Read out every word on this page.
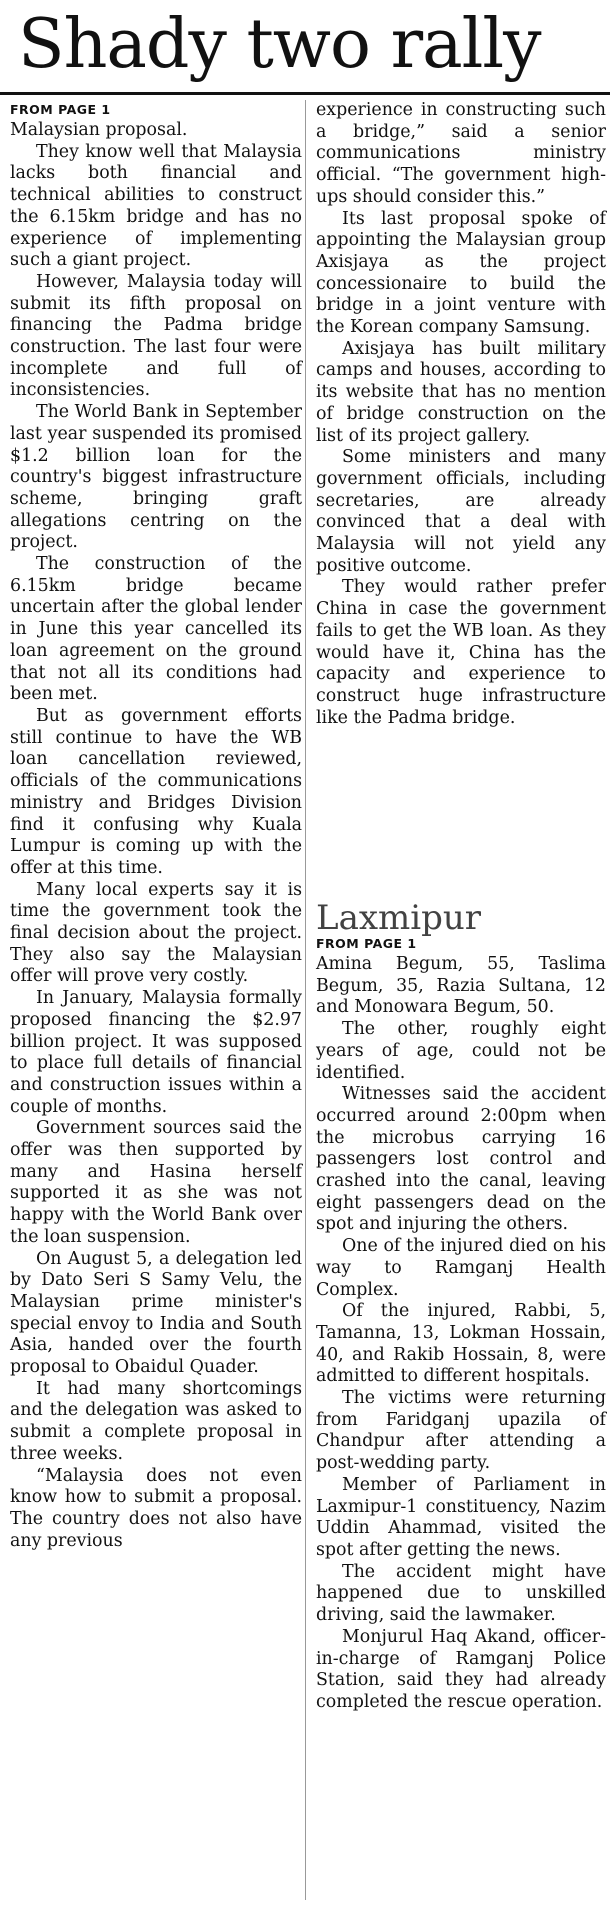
Shady two rally

FROM PAGE 1

Malaysian proposal.

They know well that Malaysia lacks both financial and technical abilities to construct the 6.15km bridge and has no experience of implementing such a giant project.

However, Malaysia today will submit its fifth proposal on financing the Padma bridge construction. The last four were incomplete and full of inconsistencies.

The World Bank in September last year suspended its promised $1.2 billion loan for the country's biggest infrastructure scheme, bringing graft allegations centring on the project.

The construction of the 6.15km bridge became uncertain after the global lender in June this year cancelled its loan agreement on the ground that not all its conditions had been met.

But as government efforts still continue to have the WB loan cancellation reviewed, officials of the communications ministry and Bridges Division find it confusing why Kuala Lumpur is coming up with the offer at this time.

Many local experts say it is time the government took the final decision about the project. They also say the Malaysian offer will prove very costly.

In January, Malaysia formally proposed financing the $2.97 billion project. It was supposed to place full details of financial and construction issues within a couple of months.

Government sources said the offer was then supported by many and Hasina herself supported it as she was not happy with the World Bank over the loan suspension.

On August 5, a delegation led by Dato Seri S Samy Velu, the Malaysian prime minister's special envoy to India and South Asia, handed over the fourth proposal to Obaidul Quader.

It had many shortcomings and the delegation was asked to submit a complete proposal in three weeks.

“Malaysia does not even know how to submit a proposal. The country does not also have any previous

experience in constructing such a bridge,” said a senior communications ministry official. “The government high-ups should consider this.”

Its last proposal spoke of appointing the Malaysian group Axisjaya as the project concessionaire to build the bridge in a joint venture with the Korean company Samsung.

Axisjaya has built military camps and houses, according to its website that has no mention of bridge construction on the list of its project gallery.

Some ministers and many government officials, including secretaries, are already convinced that a deal with Malaysia will not yield any positive outcome.

They would rather prefer China in case the government fails to get the WB loan. As they would have it, China has the capacity and experience to construct huge infrastructure like the Padma bridge.

Laxmipur

FROM PAGE 1

Amina Begum, 55, Taslima Begum, 35, Razia Sultana, 12 and Monowara Begum, 50.

The other, roughly eight years of age, could not be identified.

Witnesses said the accident occurred around 2:00pm when the microbus carrying 16 passengers lost control and crashed into the canal, leaving eight passengers dead on the spot and injuring the others.

One of the injured died on his way to Ramganj Health Complex.

Of the injured, Rabbi, 5, Tamanna, 13, Lokman Hossain, 40, and Rakib Hossain, 8, were admitted to different hospitals.

The victims were returning from Faridganj upazila of Chandpur after attending a post-wedding party.

Member of Parliament in Laxmipur-1 constituency, Nazim Uddin Ahammad, visited the spot after getting the news.

The accident might have happened due to unskilled driving, said the lawmaker.

Monjurul Haq Akand, officer-in-charge of Ramganj Police Station, said they had already completed the rescue operation.
